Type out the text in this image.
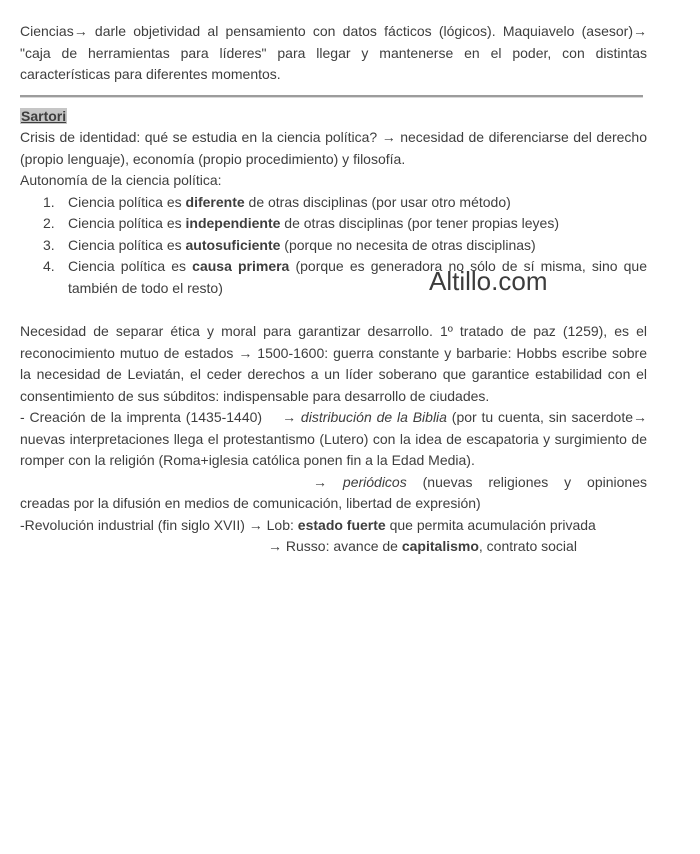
Ciencias→ darle objetividad al pensamiento con datos fácticos (lógicos). Maquiavelo (asesor)→ "caja de herramientas para líderes" para llegar y mantenerse en el poder, con distintas características para diferentes momentos.
Sartori
Crisis de identidad: qué se estudia en la ciencia política? → necesidad de diferenciarse del derecho (propio lenguaje), economía (propio procedimiento) y filosofía.
Autonomía de la ciencia política:
1. Ciencia política es diferente de otras disciplinas (por usar otro método)
2. Ciencia política es independiente de otras disciplinas (por tener propias leyes)
3. Ciencia política es autosuficiente (porque no necesita de otras disciplinas)
4. Ciencia política es causa primera (porque es generadora no sólo de sí misma, sino que también de todo el resto)
Necesidad de separar ética y moral para garantizar desarrollo. 1º tratado de paz (1259), es el reconocimiento mutuo de estados → 1500-1600: guerra constante y barbarie: Hobbs escribe sobre la necesidad de Leviatán, el ceder derechos a un líder soberano que garantice estabilidad con el consentimiento de sus súbditos: indispensable para desarrollo de ciudades.
- Creación de la imprenta (1435-1440) → distribución de la Biblia (por tu cuenta, sin sacerdote→ nuevas interpretaciones llega el protestantismo (Lutero) con la idea de escapatoria y surgimiento de romper con la religión (Roma+iglesia católica ponen fin a la Edad Media).
→ periódicos (nuevas religiones y opiniones
creadas por la difusión en medios de comunicación, libertad de expresión)
-Revolución industrial (fin siglo XVII) → Lob: estado fuerte que permita acumulación privada
→ Russo: avance de capitalismo, contrato social
Altillo.com
